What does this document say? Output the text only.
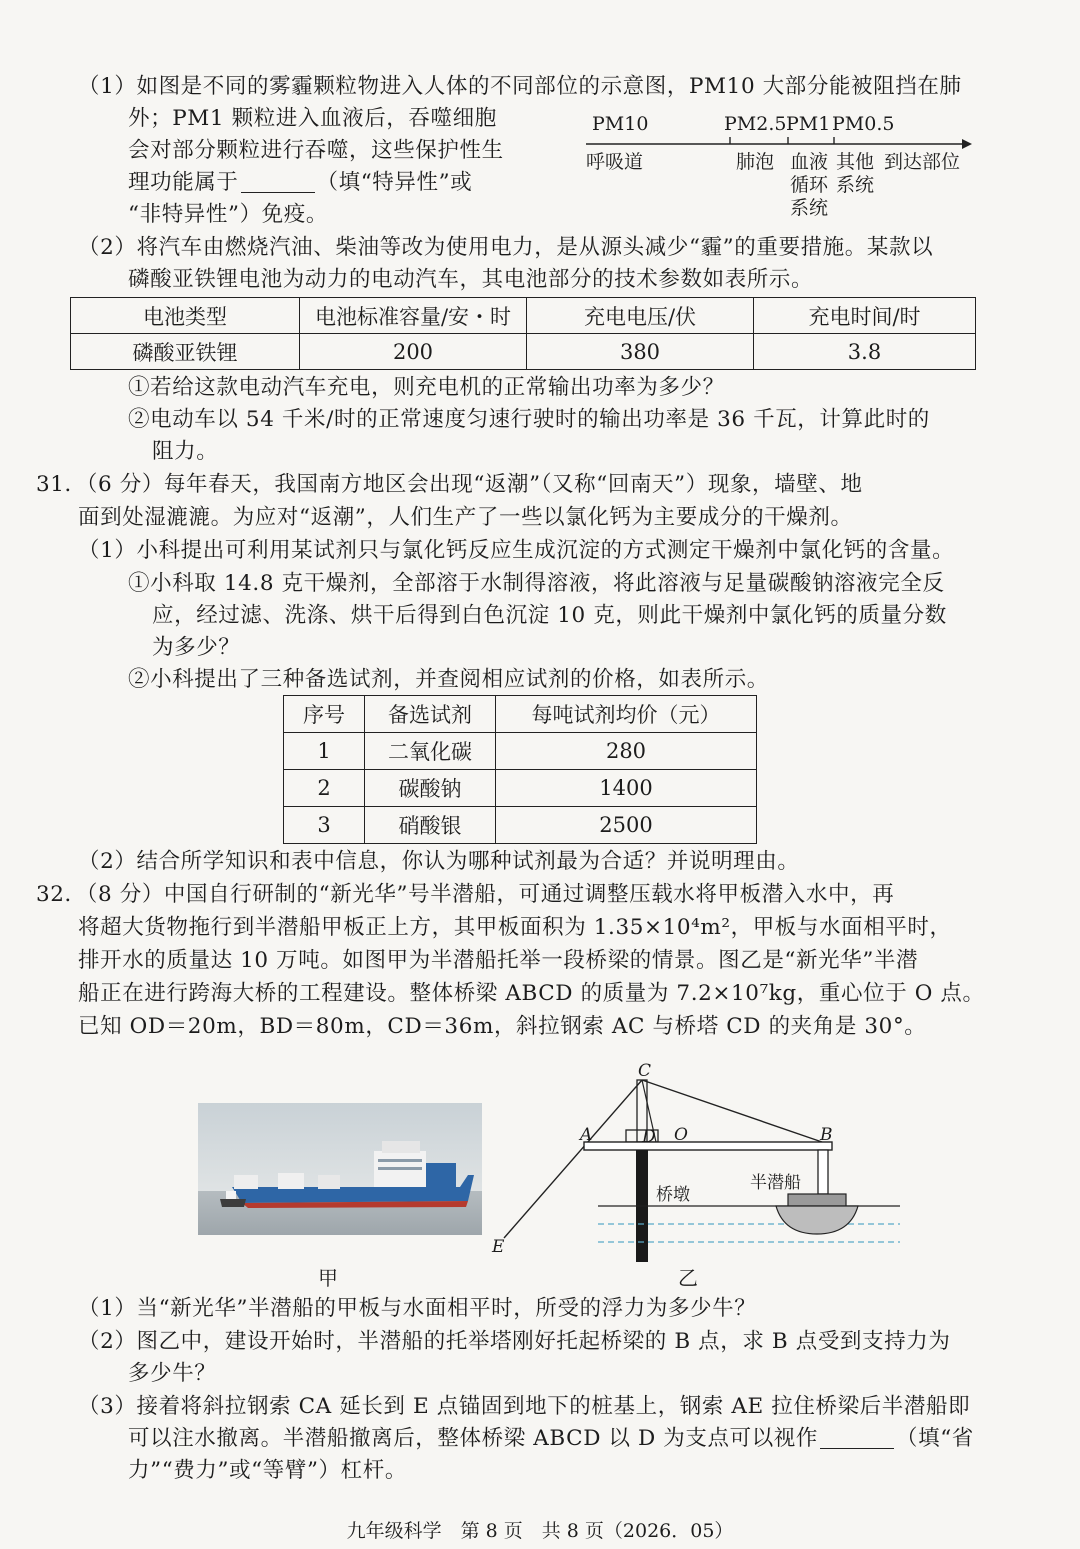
（1）如图是不同的雾霾颗粒物进入人体的不同部位的示意图，PM10 大部分能被阻挡在肺
外；PM1 颗粒进入血液后，吞噬细胞
会对部分颗粒进行吞噬，这些保护性生
理功能属于	（填“特异性”或
“非特异性”）免疫。
PM10	PM2.5 PM1 PM0.5
呼吸道	肺泡 血液
循环
系统
其他
系统
到达部位
（2）将汽车由燃烧汽油、柴油等改为使用电力，是从源头减少“霾”的重要措施。某款以
磷酸亚铁锂电池为动力的电动汽车，其电池部分的技术参数如表所示。
电池类型	电池标准容量/安・时	充电电压/伏	充电时间/时
磷酸亚铁锂	200	380	3.8
①若给这款电动汽车充电，则充电机的正常输出功率为多少？
②电动车以 54 千米/时的正常速度匀速行驶时的输出功率是 36 千瓦，计算此时的
阻力。
31．（6 分）每年春天，我国南方地区会出现“返潮”（又称“回南天”）现象，墙壁、地
面到处湿漉漉。为应对“返潮”，人们生产了一些以氯化钙为主要成分的干燥剂。
（1）小科提出可利用某试剂只与氯化钙反应生成沉淀的方式测定干燥剂中氯化钙的含量。
①小科取 14.8 克干燥剂，全部溶于水制得溶液，将此溶液与足量碳酸钠溶液完全反
应，经过滤、洗涤、烘干后得到白色沉淀 10 克，则此干燥剂中氯化钙的质量分数
为多少？
②小科提出了三种备选试剂，并查阅相应试剂的价格，如表所示。
序号	备选试剂	每吨试剂均价（元）
1	二氧化碳	280
2	碳酸钠	1400
3	硝酸银	2500
（2）结合所学知识和表中信息，你认为哪种试剂最为合适？并说明理由。
32．（8 分）中国自行研制的“新光华”号半潜船，可通过调整压载水将甲板潜入水中，再
将超大货物拖行到半潜船甲板正上方，其甲板面积为 1.35×10⁴m²，甲板与水面相平时，
排开水的质量达 10 万吨。如图甲为半潜船托举一段桥梁的情景。图乙是“新光华”半潜
船正在进行跨海大桥的工程建设。整体桥梁 ABCD 的质量为 7.2×10⁷kg，重心位于 O 点。
已知 OD＝20m，BD＝80m，CD＝36m，斜拉钢索 AC 与桥塔 CD 的夹角是 30°。
C
A	D O	B
E
桥墩
半潜船
甲	乙
（1）当“新光华”半潜船的甲板与水面相平时，所受的浮力为多少牛？
（2）图乙中，建设开始时，半潜船的托举塔刚好托起桥梁的 B 点，求 B 点受到支持力为
多少牛？
（3）接着将斜拉钢索 CA 延长到 E 点锚固到地下的桩基上，钢索 AE 拉住桥梁后半潜船即
可以注水撤离。半潜船撤离后，整体桥梁 ABCD 以 D 为支点可以视作	（填“省
力”“费力”或“等臂”）杠杆。
九年级科学　第 8 页　共 8 页（2026．05）
